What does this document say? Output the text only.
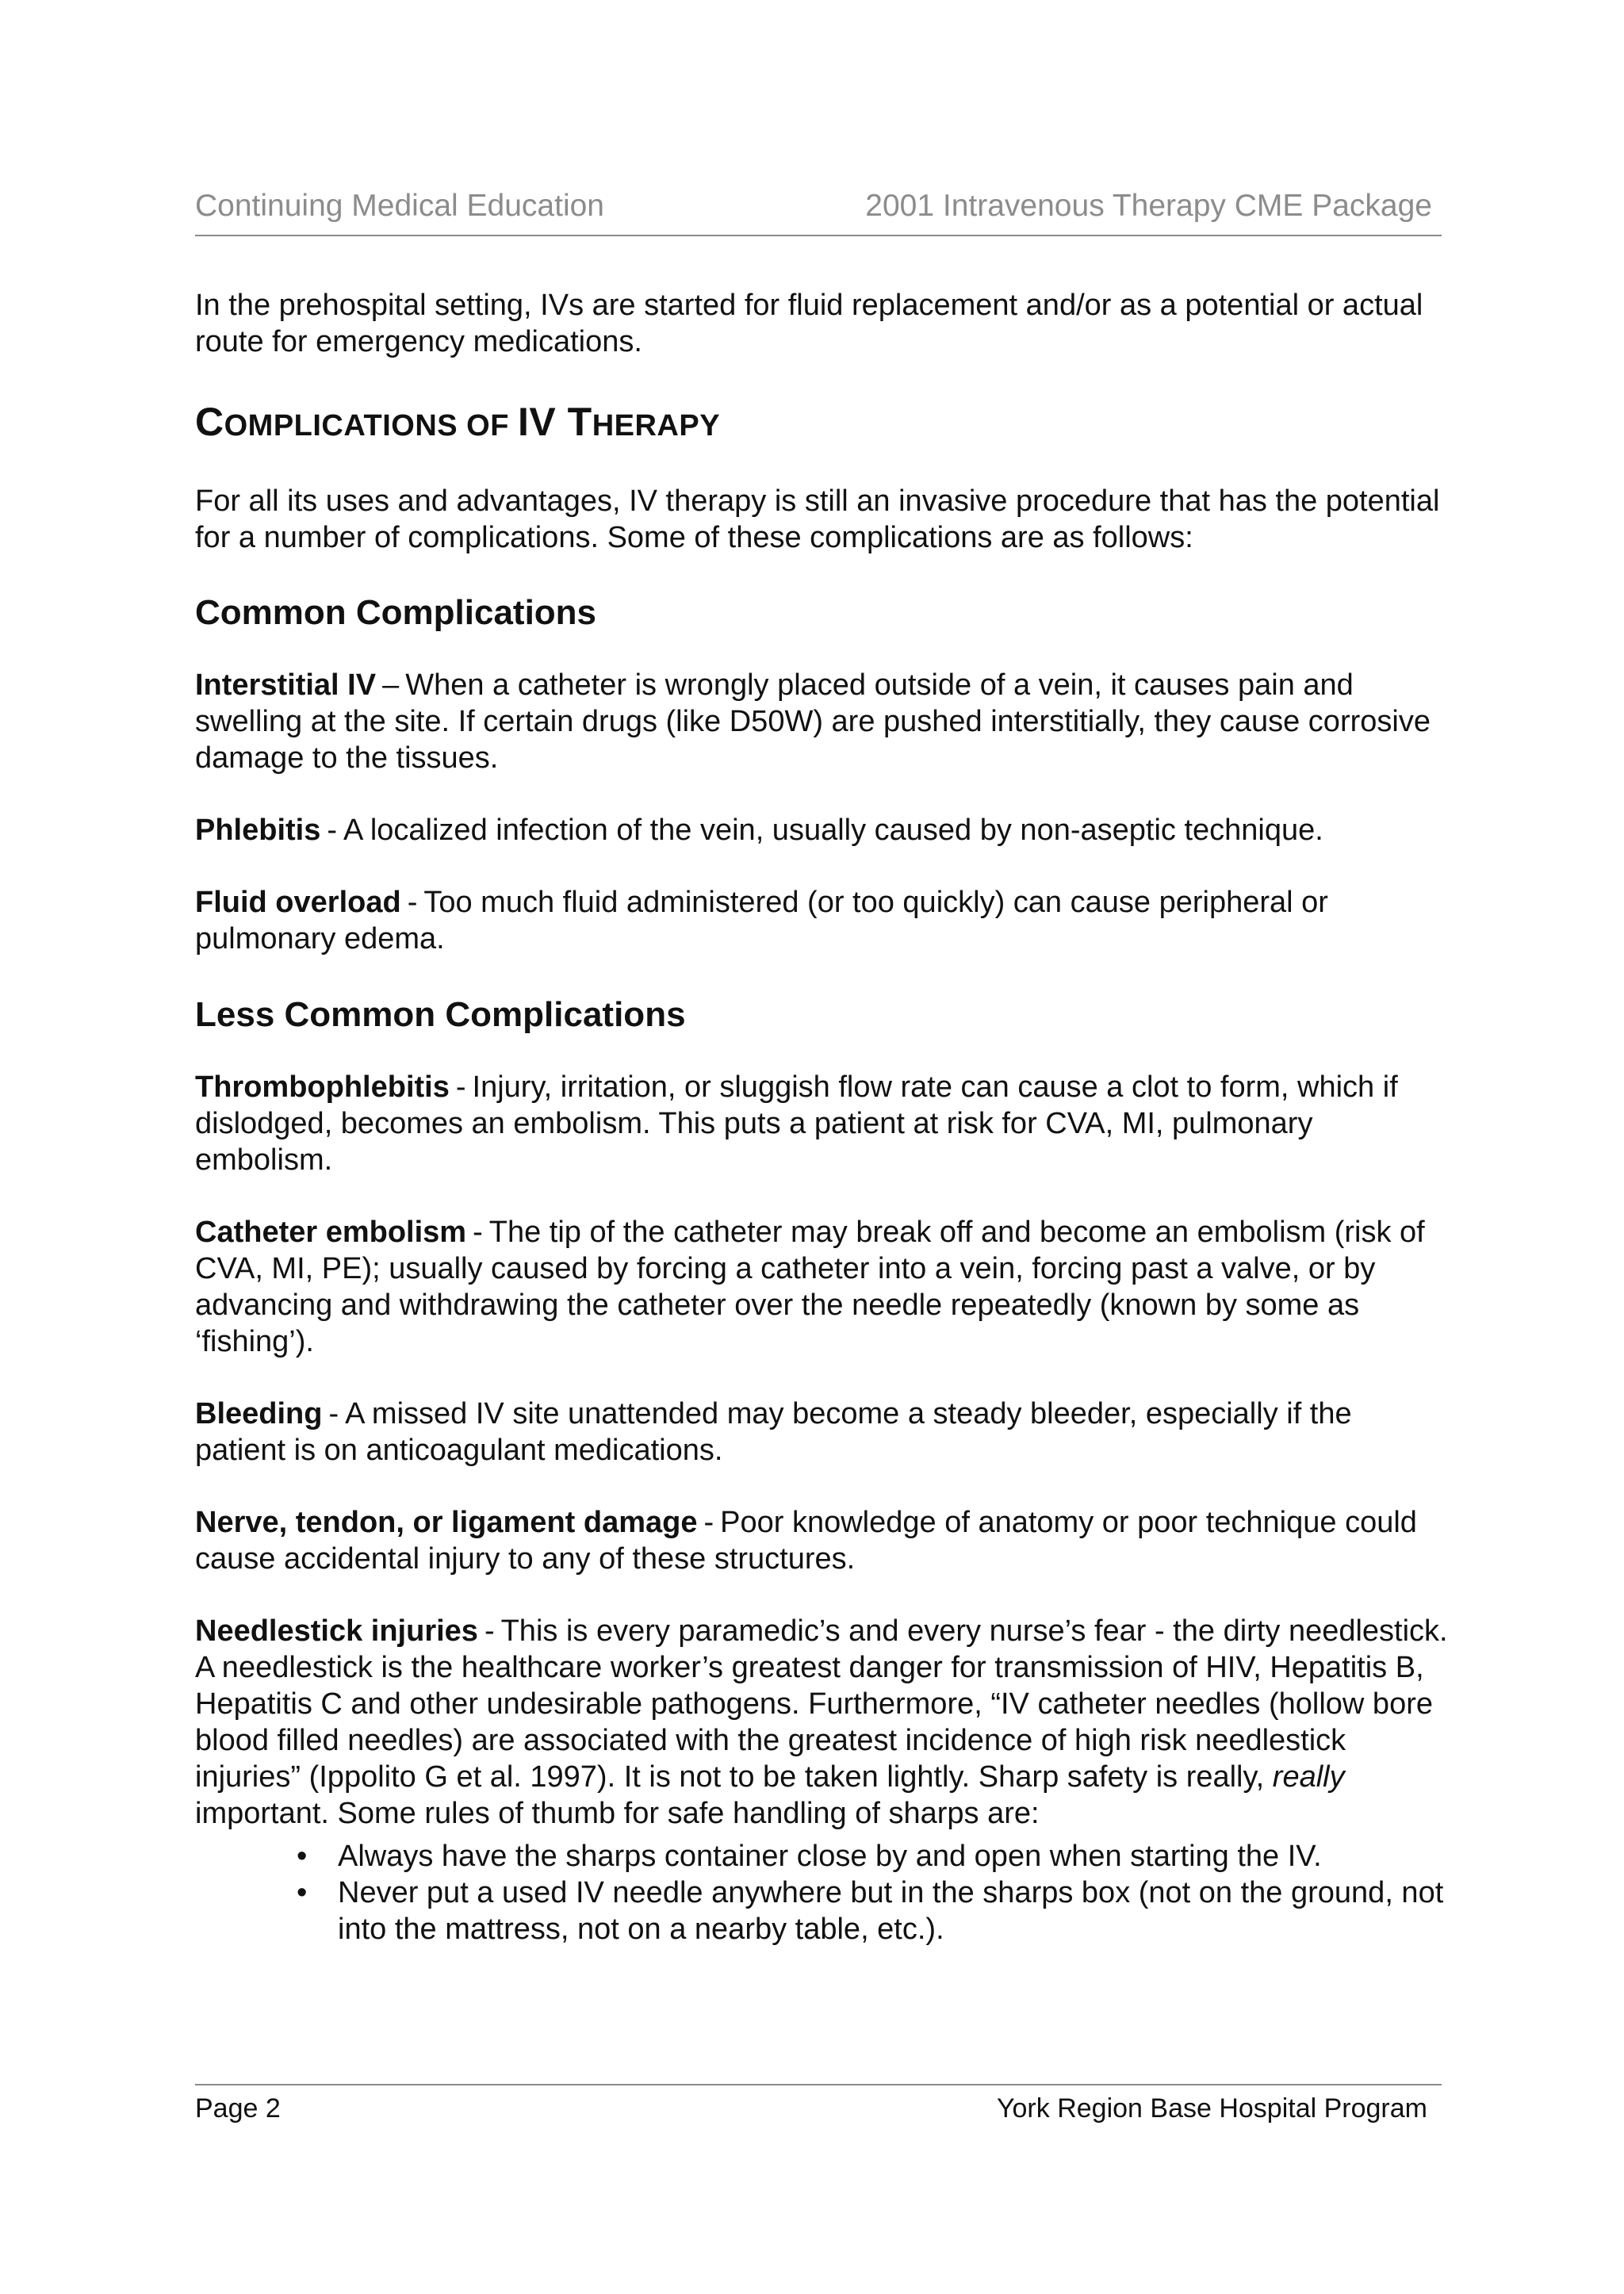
Continuing Medical Education	2001 Intravenous Therapy CME Package

In the prehospital setting, IVs are started for fluid replacement and/or as a potential or actual route for emergency medications.

COMPLICATIONS OF IV THERAPY

For all its uses and advantages, IV therapy is still an invasive procedure that has the potential for a number of complications. Some of these complications are as follows:

Common Complications

Interstitial IV – When a catheter is wrongly placed outside of a vein, it causes pain and swelling at the site. If certain drugs (like D50W) are pushed interstitially, they cause corrosive damage to the tissues.

Phlebitis - A localized infection of the vein, usually caused by non-aseptic technique.

Fluid overload - Too much fluid administered (or too quickly) can cause peripheral or pulmonary edema.

Less Common Complications

Thrombophlebitis - Injury, irritation, or sluggish flow rate can cause a clot to form, which if dislodged, becomes an embolism. This puts a patient at risk for CVA, MI, pulmonary embolism.

Catheter embolism - The tip of the catheter may break off and become an embolism (risk of CVA, MI, PE); usually caused by forcing a catheter into a vein, forcing past a valve, or by advancing and withdrawing the catheter over the needle repeatedly (known by some as ‘fishing’).

Bleeding - A missed IV site unattended may become a steady bleeder, especially if the patient is on anticoagulant medications.

Nerve, tendon, or ligament damage - Poor knowledge of anatomy or poor technique could cause accidental injury to any of these structures.

Needlestick injuries - This is every paramedic’s and every nurse’s fear - the dirty needlestick. A needlestick is the healthcare worker’s greatest danger for transmission of HIV, Hepatitis B, Hepatitis C and other undesirable pathogens. Furthermore, “IV catheter needles (hollow bore blood filled needles) are associated with the greatest incidence of high risk needlestick injuries” (Ippolito G et al. 1997). It is not to be taken lightly. Sharp safety is really, really important. Some rules of thumb for safe handling of sharps are:

• Always have the sharps container close by and open when starting the IV.
• Never put a used IV needle anywhere but in the sharps box (not on the ground, not into the mattress, not on a nearby table, etc.).
Page 2	York Region Base Hospital Program
